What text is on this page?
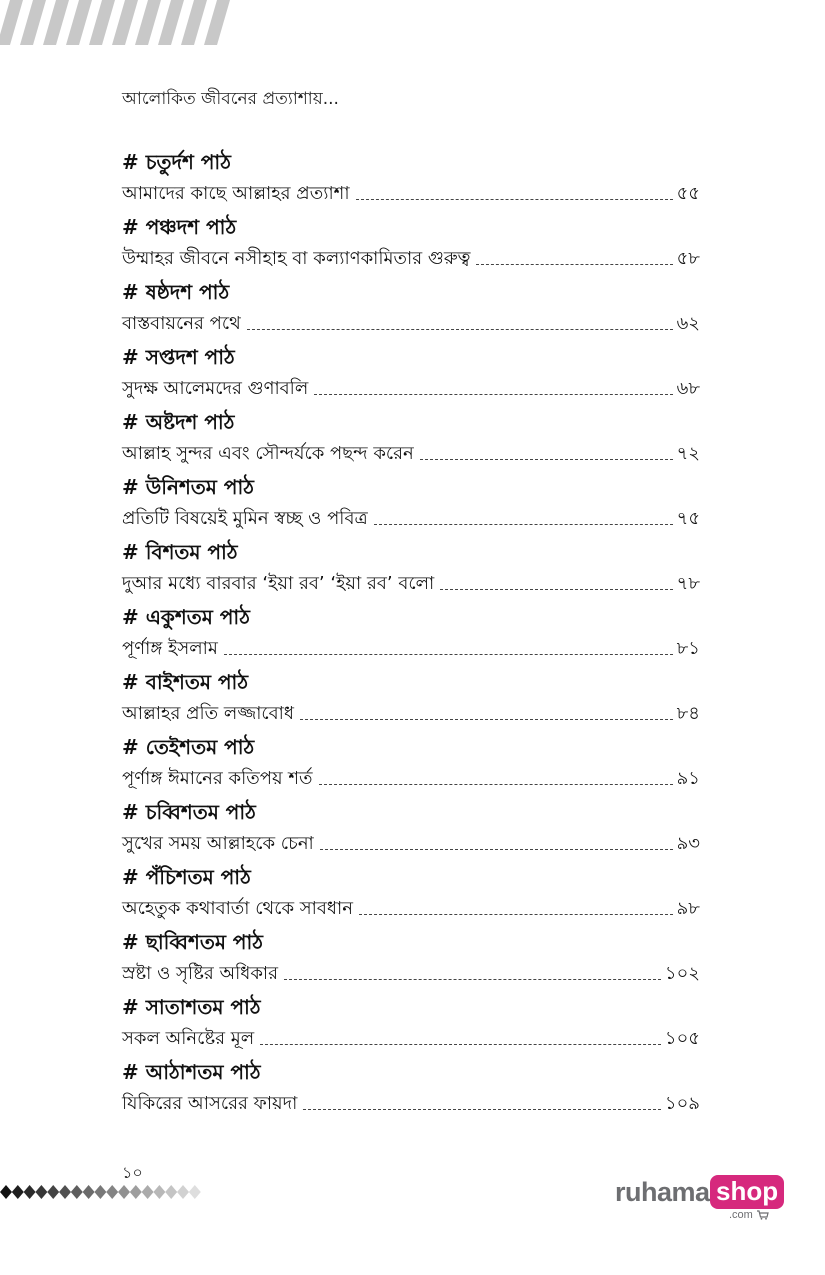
আলোকিত জীবনের প্রত্যাশায়...
# চতুর্দশ পাঠ
আমাদের কাছে আল্লাহর প্রত্যাশা	৫৫
# পঞ্চদশ পাঠ
উম্মাহর জীবনে নসীহাহ বা কল্যাণকামিতার গুরুত্ব	৫৮
# ষষ্ঠদশ পাঠ
বাস্তবায়নের পথে	৬২
# সপ্তদশ পাঠ
সুদক্ষ আলেমদের গুণাবলি	৬৮
# অষ্টদশ পাঠ
আল্লাহ সুন্দর এবং সৌন্দর্যকে পছন্দ করেন	৭২
# উনিশতম পাঠ
প্রতিটি বিষয়েই মুমিন স্বচ্ছ ও পবিত্র	৭৫
# বিশতম পাঠ
দুআর মধ্যে বারবার ‘ইয়া রব’ ‘ইয়া রব’ বলো	৭৮
# একুশতম পাঠ
পূর্ণাঙ্গ ইসলাম	৮১
# বাইশতম পাঠ
আল্লাহর প্রতি লজ্জাবোধ	৮৪
# তেইশতম পাঠ
পূর্ণাঙ্গ ঈমানের কতিপয় শর্ত	৯১
# চব্বিশতম পাঠ
সুখের সময় আল্লাহকে চেনা	৯৩
# পঁচিশতম পাঠ
অহেতুক কথাবার্তা থেকে সাবধান	৯৮
# ছাব্বিশতম পাঠ
স্রষ্টা ও সৃষ্টির অধিকার	১০২
# সাতাশতম পাঠ
সকল অনিষ্টের মূল	১০৫
# আঠাশতম পাঠ
যিকিরের আসরের ফায়দা	১০৯
১০
ruhama shop
.com
